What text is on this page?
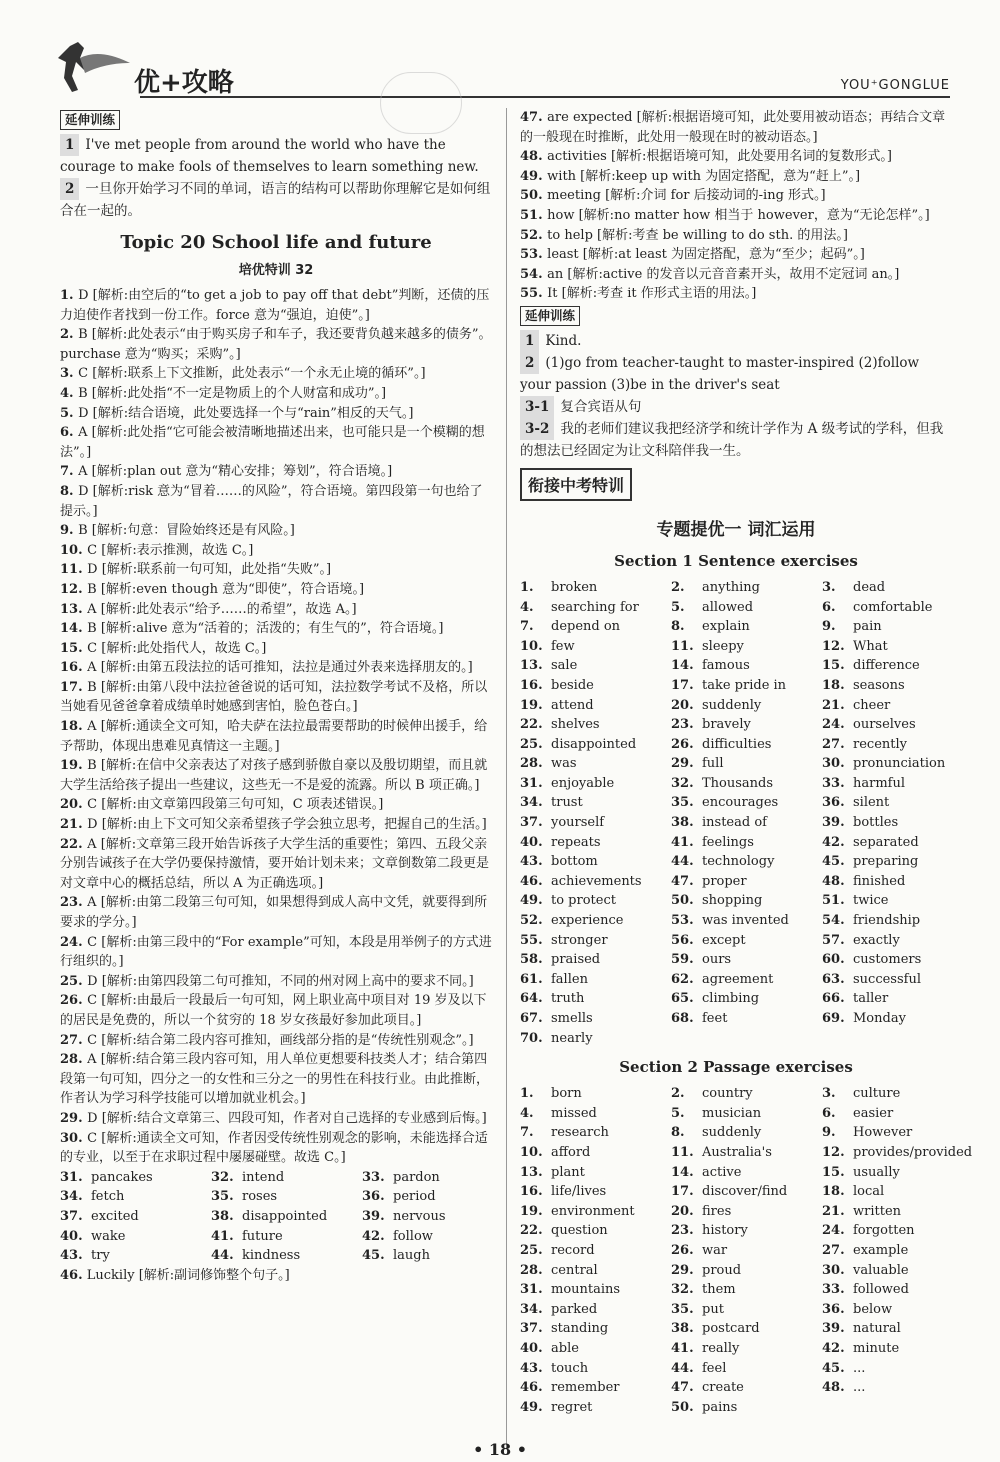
优+攻略	YOU⁺GONGLUE
延伸训练

1 I've met people from around the world who have the courage to make fools of themselves to learn something new.

2 一旦你开始学习不同的单词，语言的结构可以帮助你理解它是如何组合在一起的。

Topic 20 School life and future
培优特训 32

1. D [解析:由空后的“to get a job to pay off that debt”判断，还债的压力迫使作者找到一份工作。force 意为“强迫，迫使”。]

2. B [解析:此处表示“由于购买房子和车子，我还要背负越来越多的债务”。purchase 意为“购买；采购”。]

3. C [解析:联系上下文推断，此处表示“一个永无止境的循环”。]

4. B [解析:此处指“不一定是物质上的个人财富和成功”。]

5. D [解析:结合语境，此处要选择一个与“rain”相反的天气。]

6. A [解析:此处指“它可能会被清晰地描述出来，也可能只是一个模糊的想法”。]

7. A [解析:plan out 意为“精心安排；筹划”，符合语境。]

8. D [解析:risk 意为“冒着……的风险”，符合语境。第四段第一句也给了提示。]

9. B [解析:句意：冒险始终还是有风险。]

10. C [解析:表示推测，故选 C。]

11. D [解析:联系前一句可知，此处指“失败”。]

12. B [解析:even though 意为“即使”，符合语境。]

13. A [解析:此处表示“给予……的希望”，故选 A。]

14. B [解析:alive 意为“活着的；活泼的；有生气的”，符合语境。]

15. C [解析:此处指代人，故选 C。]

16. A [解析:由第五段法拉的话可推知，法拉是通过外表来选择朋友的。]

17. B [解析:由第八段中法拉爸爸说的话可知，法拉数学考试不及格，所以当她看见爸爸拿着成绩单时她感到害怕，脸色苍白。]

18. A [解析:通读全文可知，哈夫萨在法拉最需要帮助的时候伸出援手，给予帮助，体现出患难见真情这一主题。]

19. B [解析:在信中父亲表达了对孩子感到骄傲自豪以及殷切期望，而且就大学生活给孩子提出一些建议，这些无一不是爱的流露。所以 B 项正确。]

20. C [解析:由文章第四段第三句可知，C 项表述错误。]

21. D [解析:由上下文可知父亲希望孩子学会独立思考，把握自己的生活。]

22. A [解析:文章第三段开始告诉孩子大学生活的重要性；第四、五段父亲分别告诫孩子在大学仍要保持激情，要开始计划未来；文章倒数第二段更是对文章中心的概括总结，所以 A 为正确选项。]

23. A [解析:由第二段第三句可知，如果想得到成人高中文凭，就要得到所要求的学分。]

24. C [解析:由第三段中的“For example”可知，本段是用举例子的方式进行组织的。]

25. D [解析:由第四段第二句可推知，不同的州对网上高中的要求不同。]

26. C [解析:由最后一段最后一句可知，网上职业高中项目对 19 岁及以下的居民是免费的，所以一个贫穷的 18 岁女孩最好参加此项目。]

27. C [解析:结合第二段内容可推知，画线部分指的是“传统性别观念”。]

28. A [解析:结合第三段内容可知，用人单位更想要科技类人才；结合第四段第一句可知，四分之一的女性和三分之一的男性在科技行业。由此推断，作者认为学习科学技能可以增加就业机会。]

29. D [解析:结合文章第三、四段可知，作者对自己选择的专业感到后悔。]

30. C [解析:通读全文可知，作者因受传统性别观念的影响，未能选择合适的专业，以至于在求职过程中屡屡碰壁。故选 C。]

31. pancakes	32. intend	33. pardon
34. fetch	35. roses	36. period
37. excited	38. disappointed	39. nervous
40. wake	41. future	42. follow
43. try	44. kindness	45. laugh

46. Luckily [解析:副词修饰整个句子。]

47. are expected [解析:根据语境可知，此处要用被动语态；再结合文章的一般现在时推断，此处用一般现在时的被动语态。]

48. activities [解析:根据语境可知，此处要用名词的复数形式。]

49. with [解析:keep up with 为固定搭配，意为“赶上”。]

50. meeting [解析:介词 for 后接动词的-ing 形式。]

51. how [解析:no matter how 相当于 however，意为“无论怎样”。]

52. to help [解析:考查 be willing to do sth. 的用法。]

53. least [解析:at least 为固定搭配，意为“至少；起码”。]

54. an [解析:active 的发音以元音音素开头，故用不定冠词 an。]

55. It [解析:考查 it 作形式主语的用法。]

延伸训练

1 Kind.

2 (1)go from teacher-taught to master-inspired (2)follow your passion (3)be in the driver's seat

3-1 复合宾语从句

3-2 我的老师们建议我把经济学和统计学作为 A 级考试的学科，但我的想法已经固定为让文科陪伴我一生。

衔接中考特训
专题提优一 词汇运用
Section 1 Sentence exercises
1.	broken	2.	anything	3.	dead
4.	searching for	5.	allowed	6.	comfortable
7.	depend on	8.	explain	9.	pain
10. few	11. sleepy	12. What
13. sale	14. famous	15. difference
16. beside	17. take pride in	18. seasons
19. attend	20. suddenly	21. cheer
22. shelves	23. bravely	24. ourselves
25. disappointed	26. difficulties	27. recently
28. was	29. full	30. pronunciation
31. enjoyable	32. Thousands	33. harmful
34. trust	35. encourages	36. silent
37. yourself	38. instead of	39. bottles
40. repeats	41. feelings	42. separated
43. bottom	44. technology	45. preparing
46. achievements	47. proper	48. finished
49. to protect	50. shopping	51. twice
52. experience	53. was invented	54. friendship
55. stronger	56. except	57. exactly
58. praised	59. ours	60. customers
61. fallen	62. agreement	63. successful
64. truth	65. climbing	66. taller
67. smells	68. feet	69. Monday
70. nearly
Section 2 Passage exercises
1.	born	2.	country	3.	culture
4.	missed	5.	musician	6.	easier
7.	research	8.	suddenly	9.	However
10. afford	11. Australia's	12. provides/provided
13. plant	14. active	15. usually
16. life/lives	17. discover/find	18. local
19. environment	20. fires	21. written
22. question	23. history	24. forgotten
25. record	26. war	27. example
28. central	29. proud	30. valuable
31. mountains	32. them	33. followed
34. parked	35. put	36. below
37. standing	38. postcard	39. natural
40. able	41. really	42. minute
43. touch	44. feel	45. ...
46. remember	47. create	48. ...
49. regret	50. pains
• 18 •
